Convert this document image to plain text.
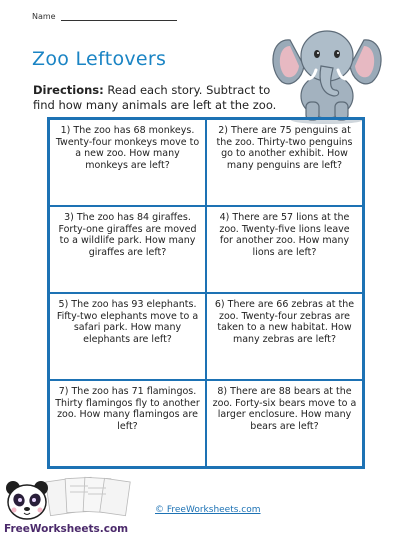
Name
Zoo Leftovers
Directions: Read each story. Subtract to find how many animals are left at the zoo.
1) The zoo has 68 monkeys. Twenty-four monkeys move to a new zoo. How many monkeys are left?
2) There are 75 penguins at the zoo. Thirty-two penguins go to another exhibit. How many penguins are left?
3) The zoo has 84 giraffes. Forty-one giraffes are moved to a wildlife park. How many giraffes are left?
4) There are 57 lions at the zoo. Twenty-five lions leave for another zoo. How many lions are left?
5) The zoo has 93 elephants. Fifty-two elephants move to a safari park. How many elephants are left?
6) There are 66 zebras at the zoo. Twenty-four zebras are taken to a new habitat. How many zebras are left?
7) The zoo has 71 flamingos. Thirty flamingos fly to another zoo. How many flamingos are left?
8) There are 88 bears at the zoo. Forty-six bears move to a larger enclosure. How many bears are left?
FreeWorksheets.com
© FreeWorksheets.com
